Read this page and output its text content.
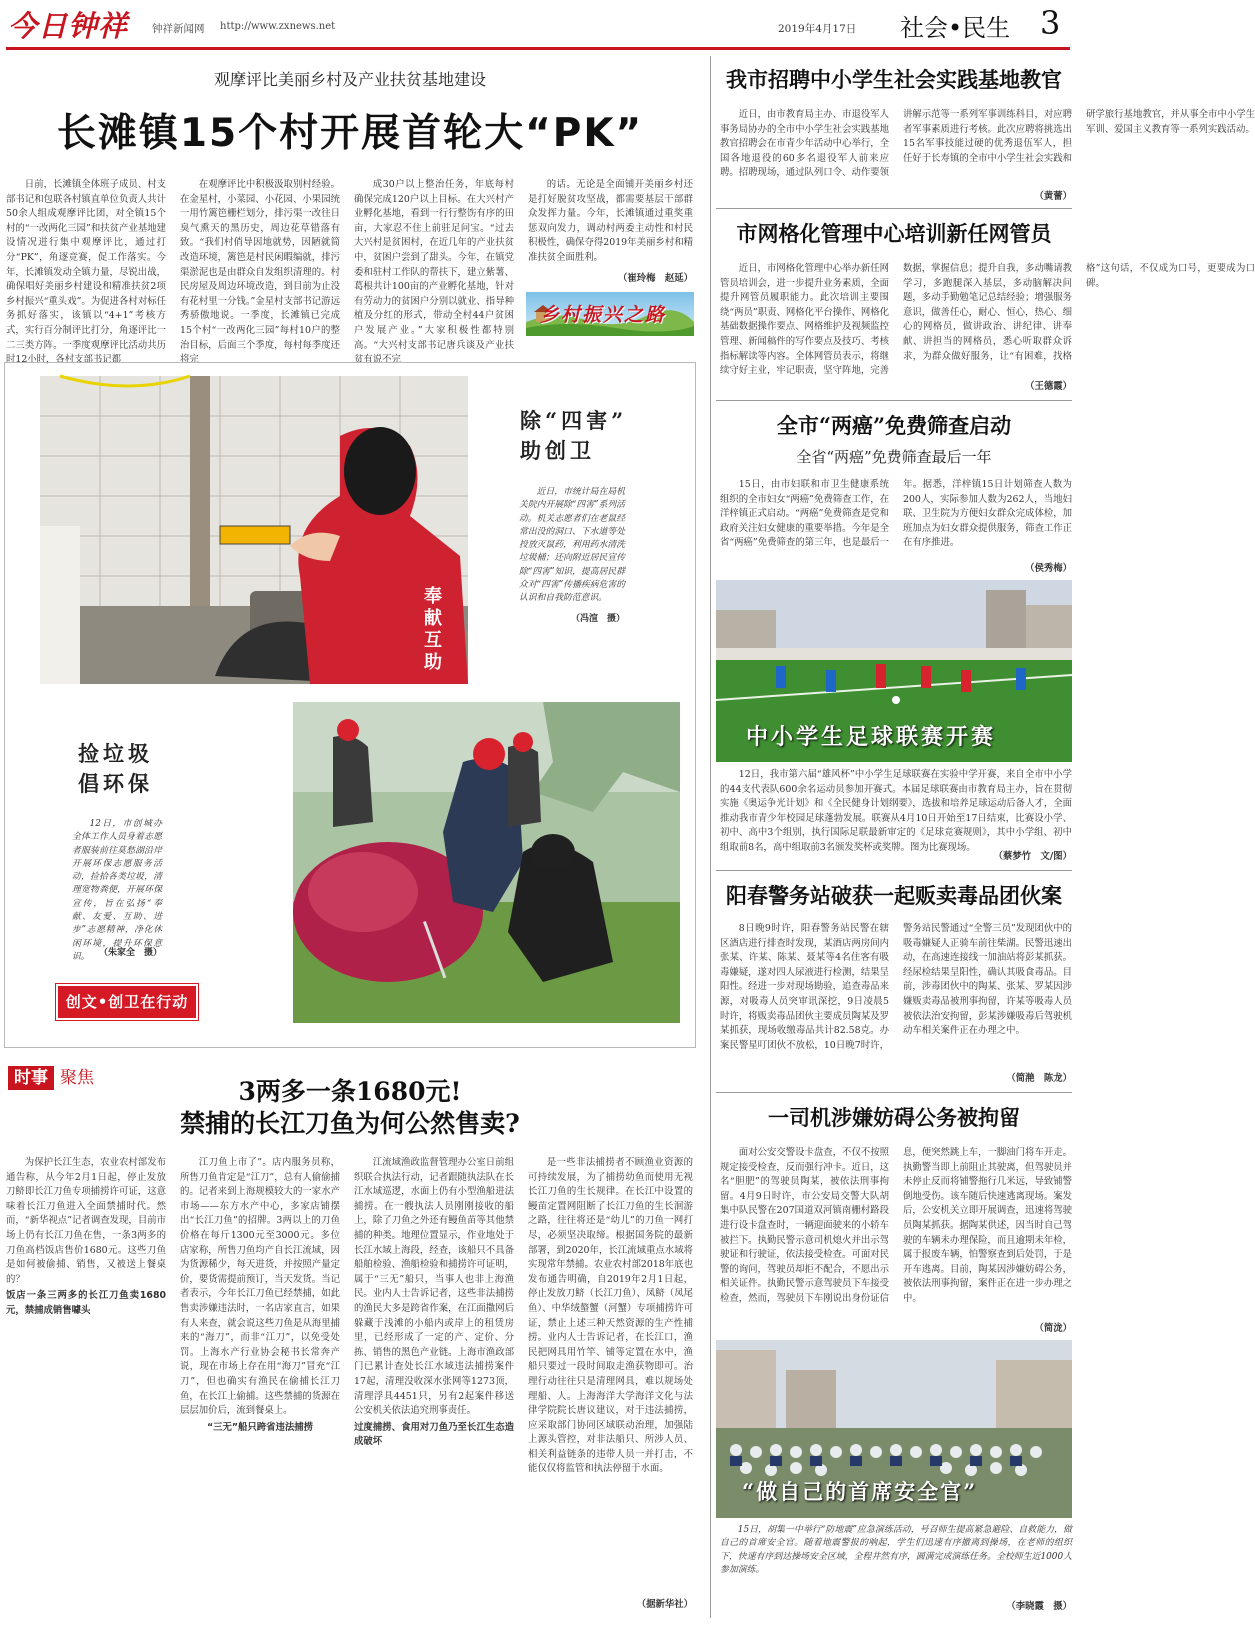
今日钟祥	钟祥新闻网 http://www.zxnews.net	2019年4月17日 社会•民生 3
观摩评比美丽乡村及产业扶贫基地建设
长滩镇15个村开展首轮大“PK”

日前，长滩镇全体班子成员、村支部书记和包联各村镇直单位负责人共计50余人组成观摩评比团，对全镇15个村的“一改两化三园”和扶贫产业基地建设情况进行集中观摩评比，通过打分“PK”，角逐竞赛，促工作落实。今年，长滩镇发动全镇力量，尽锐出战，确保唱好美丽乡村建设和精准扶贫2项乡村振兴“重头戏”。为促进各村对标任务抓好落实，该镇以“4+1”考核方式，实行百分制评比打分，角逐评比一二三类方阵。一季度观摩评比活动共历时12小时，各村支部书记都

在观摩评比中积极汲取别村经验。在金星村，小菜园、小花园、小果园统一用竹篱笆栅栏划分，排污渠一改往日臭气熏天的黑历史，周边花草错落有致。“我们村俏导因地就势，因陋就简改造环境，篱笆是村民闲暇编就，排污渠淤泥也是由群众自发组织清理的。村民房屋及周边环境改造，到目前为止没有花村里一分钱。”金星村支部书记游远秀骄傲地说。一季度，长滩镇已完成15个村“一改两化三园”每村10户的整治目标，后面三个季度，每村每季度还将完

成30户以上整治任务，年底每村确保完成120户以上目标。在大兴村产业孵化基地，看到一行行整饬有序的田亩，大家忍不住上前驻足问宝。“过去大兴村是贫困村，在近几年的产业扶贫中，贫困户尝到了甜头。今年，在镇党委和驻村工作队的帮扶下，建立紫薯、葛根共计100亩的产业孵化基地，针对有劳动力的贫困户分别以就业、指导种植及分红的形式，带动全村44户贫困户发展产业。”大家积极性都特别高。“大兴村支部书记唐兵谈及产业扶贫有说不完

的话。无论是全面铺开美丽乡村还是打好脱贫攻坚战，都需要基层干部群众发挥力量。今年，长滩镇通过重奖重惩双向发力，调动村两委主动性和村民积极性，确保夺得2019年美丽乡村和精准扶贫全面胜利。

（崔玲梅　赵延）
乡村振兴之路
奉献　互助
除“四害”
助创卫

近日，市统计局在局机关院内开展除“四害”系列活动。机关志愿者们在老鼠经常出没的洞口、下水道等处投放灭鼠药，利用药水清洗垃圾桶；还向附近居民宣传除“四害”知识，提高居民群众对“四害”传播疾病危害的认识和自我防范意识。

（冯渲　摄）
捡垃圾
倡环保

12日，市创城办全体工作人员身着志愿者服装前往莫愁湖沿岸开展环保志愿服务活动，捡拾各类垃圾，清理宽物粪便，开展环保宣传，旨在弘扬“奉献、友爱、互助、进步”志愿精神，净化休闲环境，提升环保意识。	（朱家全　摄）
创文•创卫在行动
时事 聚焦	3两多一条1680元!
禁捕的长江刀鱼为何公然售卖?

为保护长江生态，农业农村部发布通告称，从今年2月1日起，停止发放刀鲚即长江刀鱼专项捕捞许可证，这意味着长江刀鱼进入全面禁捕时代。然而，“新华视点”记者调查发现，目前市场上仍有长江刀鱼在售，一条3两多的刀鱼高档饭店售价1680元。这些刀鱼是如何被偷捕、销售，又被送上餐桌的？

饭店一条三两多的长江刀鱼卖1680元，禁捕成销售噱头

江刀鱼上市了”。店内服务员称，所售刀鱼肯定是“江刀”，总有人偷偷捕的。记者来到上海规模较大的一家水产市场——东方水产中心，多家店铺摆出“长江刀鱼”的招牌。3两以上的刀鱼价格在每斤1300元至3000元。多位店家称，所售刀鱼均产自长江流域，因为货源稀少，每天进货，并按照产量定价，要货需提前预订，当天发货。当记者表示，今年长江刀鱼已经禁捕，如此售卖涉嫌违法时，一名店家直言，如果有人来查，就会说这些刀鱼是从海里捕来的“海刀”，而非“江刀”，以免受处罚。上海水产行业协会秘书长常奔产说，现在市场上存在用“海刀”冒充“江刀”，但也确实有渔民在偷捕长江刀鱼，在长江上偷捕。这些禁捕的货源在层层加价后，流到餐桌上。

“三无”船只跨省违法捕捞

江流域渔政监督管理办公室日前组织联合执法行动，记者跟随执法队在长江水域巡逻，水面上仍有小型渔船进法捕捞。在一艘执法人员刚刚接收的船上，除了刀鱼之外还有鳗鱼苗等其他禁捕的种类。地理位置显示，作业地处于长江水域上海段，经查，该船只不具备船舶检验、渔船检验和捕捞许可证明，属于“三无”船只，当事人也非上海渔民。业内人士告诉记者，这些非法捕捞的渔民大多是跨省作案，在江面撒网后躲藏于浅滩的小船内或岸上的租赁房里，已经形成了一定的产、定价、分拣、销售的黑色产业链。上海市渔政部门已累计查处长江水域违法捕捞案件17起，清理没收深水张网等1273顶，清理浮具4451只，另有2起案件移送公安机关依法追究刑事责任。

过度捕捞、食用对刀鱼乃至长江生态造成破坏

是一些非法捕捞者不顾渔业资源的可持续发展，为了捕捞幼鱼而使用无视长江刀鱼的生长规律。在长江中设置的鳗苗定置网阻断了长江刀鱼的生长洄游之路，往往将还是“幼儿”的刀鱼一网打尽，必须坚决取缔。根据国务院的最新部署，到2020年，长江流域重点水域将实现常年禁捕。农业农村部2018年底也发布通告明确，自2019年2月1日起，停止发放刀鲚（长江刀鱼）、凤鲚（凤尾鱼）、中华绒螯蟹（河蟹）专项捕捞许可证，禁止上述三种天然资源的生产性捕捞。业内人士告诉记者，在长江口，渔民把网具用竹竿、铺等定置在水中，渔船只要过一段时间取走渔获物即可。治理行动往往只是清理网具，难以规场处理船、人。上海海洋大学海洋文化与法律学院院长唐议建议，对于违法捕捞，应采取部门协同区域联动治理，加强陆上源头管控，对非法船只、所涉人员、相关利益链条的违带人员一并打击，不能仅仅将监管和执法停留于水面。

（据新华社）
我市招聘中小学生社会实践基地教官

近日，由市教育局主办、市退役军人事务局协办的全市中小学生社会实践基地教官招聘会在市青少年活动中心举行，全国各地退役的60多名退役军人前来应聘。招聘现场，通过队列口令、动作要领讲解示范等一系列军事训练科目，对应聘者军事素质进行考核。此次应聘将挑选出15名军事技能过硬的优秀退伍军人，担任好于长寿镇的全市中小学生社会实践和研学旅行基地教官，并从事全市中小学生军训、爱国主义教育等一系列实践活动。

（黄蕾）
市网格化管理中心培训新任网管员

近日，市网格化管理中心举办新任网管员培训会，进一步提升业务素质，全面提升网管员履职能力。此次培训主要围绕“两员”职责、网格化平台操作、网格化基础数据操作要点、网格维护及视频监控管理、新闻稿件的写作要点及技巧、考核指标解读等内容。全体网管员表示，将继续守好主业，牢记职责，坚守阵地，完善数据，掌握信息；提升自我，多动嘴请教学习，多跑腿深入基层，多动脑解决问题，多动手勤勉笔记总结经验；增强服务意识，做善任心，耐心、恒心，热心、细心的网格员，做讲政治、讲纪律、讲奉献、讲担当的网格员，悉心听取群众诉求，为群众做好服务，让“有困难，找格格”这句话，不仅成为口号，更要成为口碑。

（王德霞）
全市“两癌”免费筛查启动
全省“两癌”免费筛查最后一年

15日，由市妇联和市卫生健康系统组织的全市妇女“两癌”免费筛查工作，在洋梓镇正式启动。“两癌”免费筛查是党和政府关注妇女健康的重要举措。今年是全省“两癌”免费筛查的第三年，也是最后一年。据悉，洋梓镇15日计划筛查人数为200人，实际参加人数为262人，当地妇联、卫生院为方便妇女群众完成体检，加班加点为妇女群众提供服务，筛查工作正在有序推进。

（侯秀梅）
中小学生足球联赛开赛

12日，我市第六届“雄风杯”中小学生足球联赛在实验中学开赛，来自全市中小学的44支代表队600余名运动员参加开赛式。本届足球联赛由市教育局主办，旨在贯彻实施《奥运争光计划》和《全民健身计划纲要》，选拔和培养足球运动后备人才，全面推动我市青少年校园足球蓬勃发展。联赛从4月10日开始至17日结束，比赛设小学、初中、高中3个组别，执行国际足联最新审定的《足球竞赛规则》，其中小学组、初中组取前8名，高中组取前3名颁发奖杯或奖牌。图为比赛现场。

（蔡梦竹　文/图）
阳春警务站破获一起贩卖毒品团伙案

8日晚9时许，阳春警务站民警在辖区酒店进行排查时发现，某酒店两房间内张某、许某、陈某、聂某等4名住客有吸毒嫌疑，遂对四人尿液进行检测，结果呈阳性。经进一步对现场勘验，追查毒品来源，对吸毒人员突审讯深挖，9日凌晨5时许，将贩卖毒品团伙主要成员陶某及罗某抓获，现场收缴毒品共计82.58克。办案民警星叮团伙不放松，10日晚7时许，警务站民警通过“全警三员”发现团伙中的吸毒嫌疑人正骑车前往柴湖。民警迅速出动，在高速连接线一加油站将彭某抓获。经尿检结果呈阳性，确认其吸食毒品。目前，涉毒团伙中的陶某、张某、罗某因涉嫌贩卖毒品被刑事拘留，许某等吸毒人员被依法治安拘留，彭某涉嫌吸毒后驾驶机动车相关案件正在办理之中。

（简滟　陈龙）
一司机涉嫌妨碍公务被拘留

面对公安交警设卡盘查，不仅不按照规定接受检查，反而强行冲卡。近日，这名“胆肥”的驾驶员陶某，被依法刑事拘留。4月9日时许，市公安局交警大队胡集中队民警在207国道双河镇南栅村路段进行设卡盘查时，一辆迎面驶来的小轿车被拦下。执勤民警示意司机熄火并出示驾驶证和行驶证，依法接受检查。可面对民警的询问，驾驶员却拒不配合，不愿出示相关证件。执勤民警示意驾驶员下车接受检查，然而，驾驶员下车刚说出身份证信息，便突然跳上车，一脚油门将车开走。执勤警当即上前阻止其驶离，但驾驶员并未停止反而将铺警拖行几米远，导致铺警倒地受伤。该车随后快速逃离现场。案发后，公安机关立即开展调查，迅速将驾驶员陶某抓获。据陶某供述，因当时自己驾驶的车辆未办理保险，而且逾期未年检，属于报废车辆，怕警察查到后处罚，于是开车逃离。目前，陶某因涉嫌妨碍公务，被依法刑事拘留，案件正在进一步办理之中。

（简泷）
“做自己的首席安全官”

15日，胡集一中举行“防地震”应急演练活动，号召师生提高紧急避险、自救能力，做自己的首席安全官。随着地震警报的响起，学生们迅速有序撤离到操场，在老师的组织下，快速有序到达操场安全区域，全程井然有序，圆满完成演练任务。全校师生近1000人参加演练。

（李晓霞　摄）
